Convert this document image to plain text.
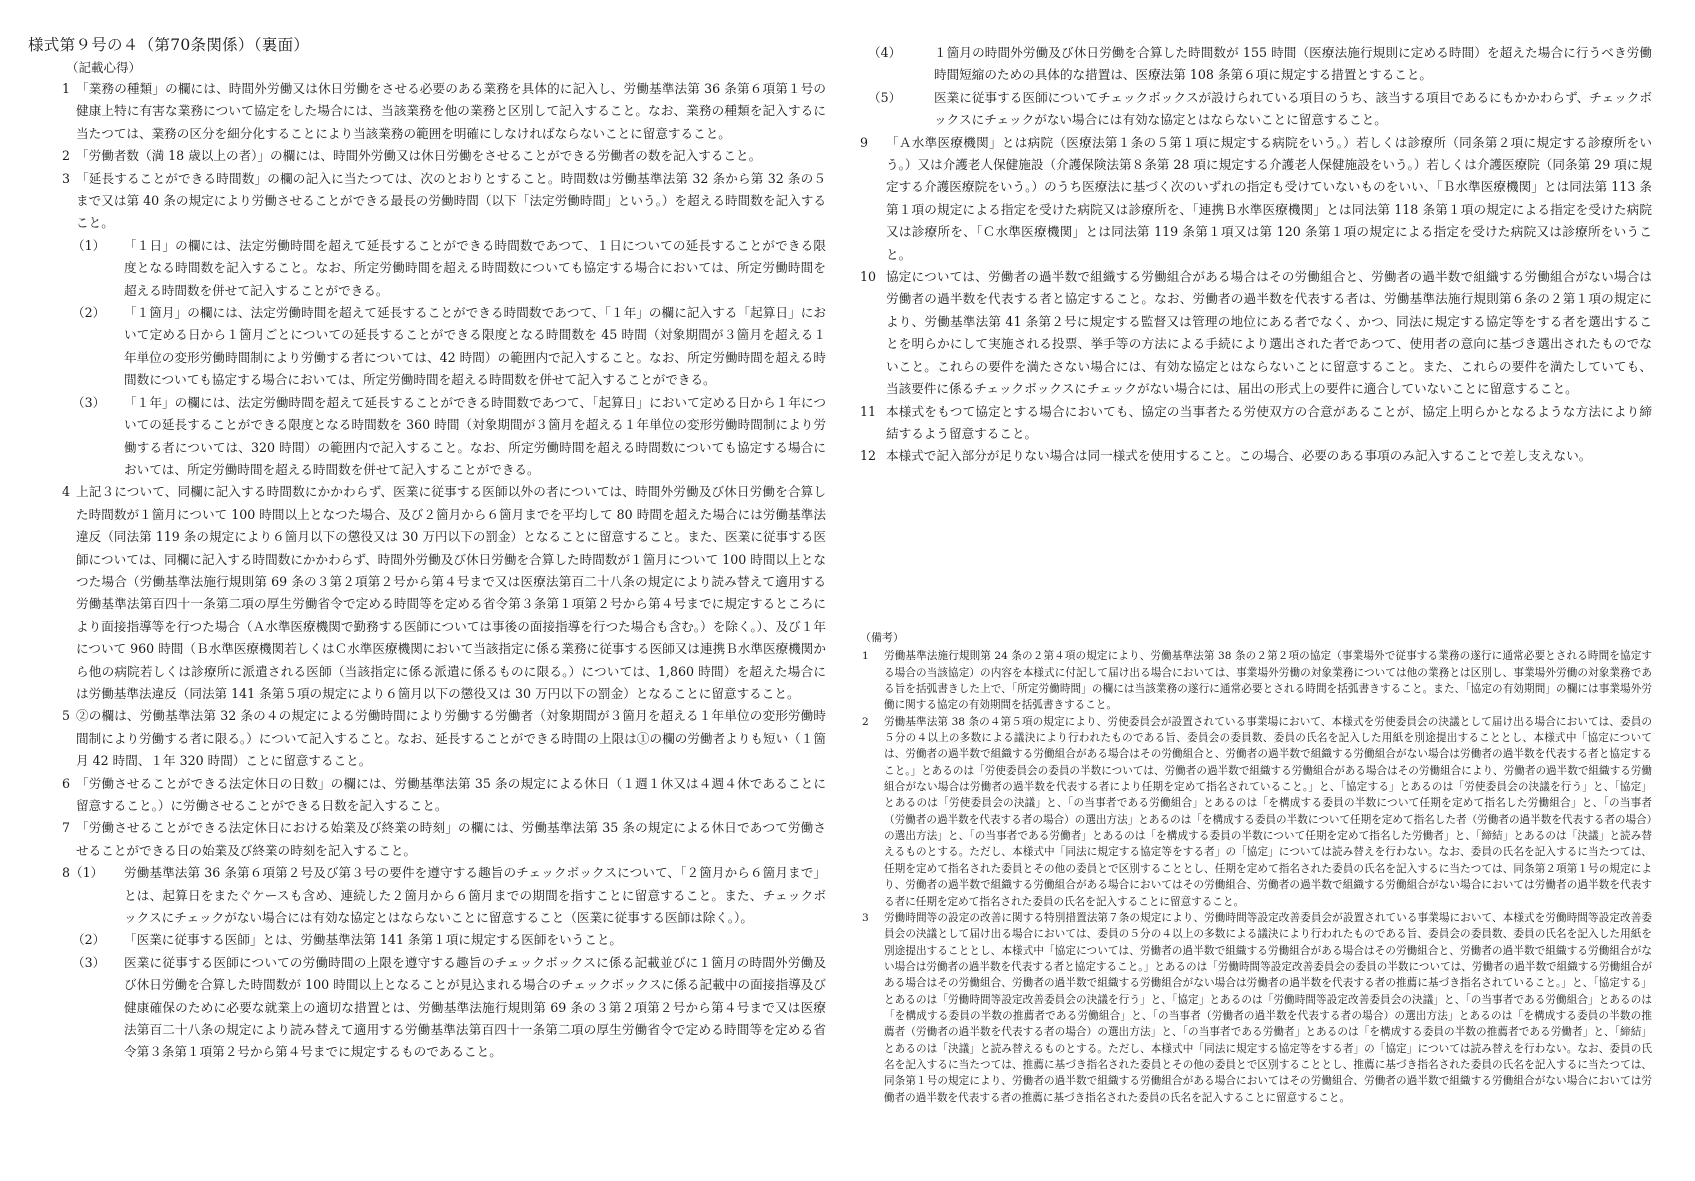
様式第９号の４（第70条関係）（裏面）
（記載心得）

1 「業務の種類」の欄には、時間外労働又は休日労働をさせる必要のある業務を具体的に記入し、労働基準法第 36 条第６項第１号の健康上特に有害な業務について協定をした場合には、当該業務を他の業務と区別して記入すること。なお、業務の種類を記入するに当たつては、業務の区分を細分化することにより当該業務の範囲を明確にしなければならないことに留意すること。

2 「労働者数（満 18 歳以上の者）」の欄には、時間外労働又は休日労働をさせることができる労働者の数を記入すること。

3 「延長することができる時間数」の欄の記入に当たつては、次のとおりとすること。時間数は労働基準法第 32 条から第 32 条の５まで又は第 40 条の規定により労働させることができる最長の労働時間（以下「法定労働時間」という。）を超える時間数を記入すること。

（1） 「１日」の欄には、法定労働時間を超えて延長することができる時間数であつて、１日についての延長することができる限度となる時間数を記入すること。なお、所定労働時間を超える時間数についても協定する場合においては、所定労働時間を超える時間数を併せて記入することができる。

（2） 「１箇月」の欄には、法定労働時間を超えて延長することができる時間数であつて、「１年」の欄に記入する「起算日」において定める日から１箇月ごとについての延長することができる限度となる時間数を 45 時間（対象期間が３箇月を超える１年単位の変形労働時間制により労働する者については、42 時間）の範囲内で記入すること。なお、所定労働時間を超える時間数についても協定する場合においては、所定労働時間を超える時間数を併せて記入することができる。

（3） 「１年」の欄には、法定労働時間を超えて延長することができる時間数であつて、「起算日」において定める日から１年についての延長することができる限度となる時間数を 360 時間（対象期間が３箇月を超える１年単位の変形労働時間制により労働する者については、320 時間）の範囲内で記入すること。なお、所定労働時間を超える時間数についても協定する場合においては、所定労働時間を超える時間数を併せて記入することができる。

4 上記３について、同欄に記入する時間数にかかわらず、医業に従事する医師以外の者については、時間外労働及び休日労働を合算した時間数が１箇月について 100 時間以上となつた場合、及び２箇月から６箇月までを平均して 80 時間を超えた場合には労働基準法違反（同法第 119 条の規定により６箇月以下の懲役又は 30 万円以下の罰金）となることに留意すること。また、医業に従事する医師については、同欄に記入する時間数にかかわらず、時間外労働及び休日労働を合算した時間数が１箇月について 100 時間以上となつた場合（労働基準法施行規則第 69 条の３第２項第２号から第４号まで又は医療法第百二十八条の規定により読み替えて適用する労働基準法第百四十一条第二項の厚生労働省令で定める時間等を定める省令第３条第１項第２号から第４号までに規定するところにより面接指導等を行つた場合（Ａ水準医療機関で勤務する医師については事後の面接指導を行つた場合も含む。）を除く。）、及び１年について 960 時間（Ｂ水準医療機関若しくはＣ水準医療機関において当該指定に係る業務に従事する医師又は連携Ｂ水準医療機関から他の病院若しくは診療所に派遣される医師（当該指定に係る派遣に係るものに限る。）については、1,860 時間）を超えた場合には労働基準法違反（同法第 141 条第５項の規定により６箇月以下の懲役又は 30 万円以下の罰金）となることに留意すること。

5 ②の欄は、労働基準法第 32 条の４の規定による労働時間により労働する労働者（対象期間が３箇月を超える１年単位の変形労働時間制により労働する者に限る。）について記入すること。なお、延長することができる時間の上限は①の欄の労働者よりも短い（１箇月 42 時間、１年 320 時間）ことに留意すること。

6 「労働させることができる法定休日の日数」の欄には、労働基準法第 35 条の規定による休日（１週１休又は４週４休であることに留意すること。）に労働させることができる日数を記入すること。

7 「労働させることができる法定休日における始業及び終業の時刻」の欄には、労働基準法第 35 条の規定による休日であつて労働させることができる日の始業及び終業の時刻を記入すること。

8（1） 労働基準法第 36 条第６項第２号及び第３号の要件を遵守する趣旨のチェックボックスについて、「２箇月から６箇月まで」とは、起算日をまたぐケースも含め、連続した２箇月から６箇月までの期間を指すことに留意すること。また、チェックボックスにチェックがない場合には有効な協定とはならないことに留意すること（医業に従事する医師は除く。）。

（2） 「医業に従事する医師」とは、労働基準法第 141 条第１項に規定する医師をいうこと。

（3） 医業に従事する医師についての労働時間の上限を遵守する趣旨のチェックボックスに係る記載並びに１箇月の時間外労働及び休日労働を合算した時間数が 100 時間以上となることが見込まれる場合のチェックボックスに係る記載中の面接指導及び健康確保のために必要な就業上の適切な措置とは、労働基準法施行規則第 69 条の３第２項第２号から第４号まで又は医療法第百二十八条の規定により読み替えて適用する労働基準法第百四十一条第二項の厚生労働省令で定める時間等を定める省令第３条第１項第２号から第４号までに規定するものであること。

（4）	１箇月の時間外労働及び休日労働を合算した時間数が 155 時間（医療法施行規則に定める時間）を超えた場合に行うべき労働時間短縮のための具体的な措置は、医療法第 108 条第６項に規定する措置とすること。

（5）	医業に従事する医師についてチェックボックスが設けられている項目のうち、該当する項目であるにもかかわらず、チェックボックスにチェックがない場合には有効な協定とはならないことに留意すること。

9 「Ａ水準医療機関」とは病院（医療法第１条の５第１項に規定する病院をいう。）若しくは診療所（同条第２項に規定する診療所をいう。）又は介護老人保健施設（介護保険法第８条第 28 項に規定する介護老人保健施設をいう。）若しくは介護医療院（同条第 29 項に規定する介護医療院をいう。）のうち医療法に基づく次のいずれの指定も受けていないものをいい、「Ｂ水準医療機関」とは同法第 113 条第１項の規定による指定を受けた病院又は診療所を、「連携Ｂ水準医療機関」とは同法第 118 条第１項の規定による指定を受けた病院又は診療所を、「Ｃ水準医療機関」とは同法第 119 条第１項又は第 120 条第１項の規定による指定を受けた病院又は診療所をいうこと。

10 協定については、労働者の過半数で組織する労働組合がある場合はその労働組合と、労働者の過半数で組織する労働組合がない場合は労働者の過半数を代表する者と協定すること。なお、労働者の過半数を代表する者は、労働基準法施行規則第６条の２第１項の規定により、労働基準法第 41 条第２号に規定する監督又は管理の地位にある者でなく、かつ、同法に規定する協定等をする者を選出することを明らかにして実施される投票、挙手等の方法による手続により選出された者であつて、使用者の意向に基づき選出されたものでないこと。これらの要件を満たさない場合には、有効な協定とはならないことに留意すること。また、これらの要件を満たしていても、当該要件に係るチェックボックスにチェックがない場合には、届出の形式上の要件に適合していないことに留意すること。

11 本様式をもつて協定とする場合においても、協定の当事者たる労使双方の合意があることが、協定上明らかとなるような方法により締結するよう留意すること。

12 本様式で記入部分が足りない場合は同一様式を使用すること。この場合、必要のある事項のみ記入することで差し支えない。

（備考）

1 労働基準法施行規則第 24 条の２第４項の規定により、労働基準法第 38 条の２第２項の協定（事業場外で従事する業務の遂行に通常必要とされる時間を協定する場合の当該協定）の内容を本様式に付記して届け出る場合においては、事業場外労働の対象業務については他の業務とは区別し、事業場外労働の対象業務である旨を括弧書きした上で、「所定労働時間」の欄には当該業務の遂行に通常必要とされる時間を括弧書きすること。また、「協定の有効期間」の欄には事業場外労働に関する協定の有効期間を括弧書きすること。

2 労働基準法第 38 条の４第５項の規定により、労使委員会が設置されている事業場において、本様式を労使委員会の決議として届け出る場合においては、委員の５分の４以上の多数による議決により行われたものである旨、委員会の委員数、委員の氏名を記入した用紙を別途提出することとし、本様式中「協定については、労働者の過半数で組織する労働組合がある場合はその労働組合と、労働者の過半数で組織する労働組合がない場合は労働者の過半数を代表する者と協定すること。」とあるのは「労使委員会の委員の半数については、労働者の過半数で組織する労働組合がある場合はその労働組合により、労働者の過半数で組織する労働組合がない場合は労働者の過半数を代表する者により任期を定めて指名されていること。」と、「協定する」とあるのは「労使委員会の決議を行う」と、「協定」とあるのは「労使委員会の決議」と、「の当事者である労働組合」とあるのは「を構成する委員の半数について任期を定めて指名した労働組合」と、「の当事者（労働者の過半数を代表する者の場合）の選出方法」とあるのは「を構成する委員の半数について任期を定めて指名した者（労働者の過半数を代表する者の場合）の選出方法」と、「の当事者である労働者」とあるのは「を構成する委員の半数について任期を定めて指名した労働者」と、「締結」とあるのは「決議」と読み替えるものとする。ただし、本様式中「同法に規定する協定等をする者」の「協定」については読み替えを行わない。なお、委員の氏名を記入するに当たつては、任期を定めて指名された委員とその他の委員とで区別することとし、任期を定めて指名された委員の氏名を記入するに当たつては、同条第２項第１号の規定により、労働者の過半数で組織する労働組合がある場合においてはその労働組合、労働者の過半数で組織する労働組合がない場合においては労働者の過半数を代表する者に任期を定めて指名された委員の氏名を記入することに留意すること。

3 労働時間等の設定の改善に関する特別措置法第７条の規定により、労働時間等設定改善委員会が設置されている事業場において、本様式を労働時間等設定改善委員会の決議として届け出る場合においては、委員の５分の４以上の多数による議決により行われたものである旨、委員会の委員数、委員の氏名を記入した用紙を別途提出することとし、本様式中「協定については、労働者の過半数で組織する労働組合がある場合はその労働組合と、労働者の過半数で組織する労働組合がない場合は労働者の過半数を代表する者と協定すること。」とあるのは「労働時間等設定改善委員会の委員の半数については、労働者の過半数で組織する労働組合がある場合はその労働組合、労働者の過半数で組織する労働組合がない場合は労働者の過半数を代表する者の推薦に基づき指名されていること。」と、「協定する」とあるのは「労働時間等設定改善委員会の決議を行う」と、「協定」とあるのは「労働時間等設定改善委員会の決議」と、「の当事者である労働組合」とあるのは「を構成する委員の半数の推薦者である労働組合」と、「の当事者（労働者の過半数を代表する者の場合）の選出方法」とあるのは「を構成する委員の半数の推薦者（労働者の過半数を代表する者の場合）の選出方法」と、「の当事者である労働者」とあるのは「を構成する委員の半数の推薦者である労働者」と、「締結」とあるのは「決議」と読み替えるものとする。ただし、本様式中「同法に規定する協定等をする者」の「協定」については読み替えを行わない。なお、委員の氏名を記入するに当たつては、推薦に基づき指名された委員とその他の委員とで区別することとし、推薦に基づき指名された委員の氏名を記入するに当たつては、同条第１号の規定により、労働者の過半数で組織する労働組合がある場合においてはその労働組合、労働者の過半数で組織する労働組合がない場合においては労働者の過半数を代表する者の推薦に基づき指名された委員の氏名を記入することに留意すること。
